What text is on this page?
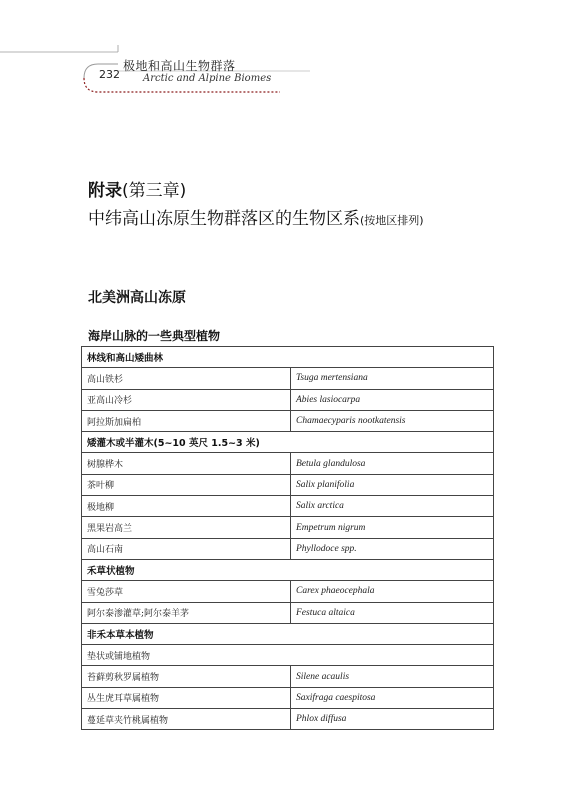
232
极地和高山生物群落
Arctic and Alpine Biomes
附录(第三章)
中纬高山冻原生物群落区的生物区系(按地区排列)
北美洲高山冻原
海岸山脉的一些典型植物
林线和高山矮曲林	
高山铁杉	Tsuga mertensiana
亚高山冷杉	Abies lasiocarpa
阿拉斯加扁柏	Chamaecyparis nootkatensis
矮灌木或半灌木(5~10 英尺 1.5~3 米)	
树腺桦木	Betula glandulosa
茶叶柳	Salix planifolia
极地柳	Salix arctica
黑果岩高兰	Empetrum nigrum
高山石南	Phyllodoce spp.
禾草状植物	
雪兔莎草	Carex phaeocephala
阿尔泰渗灌草;阿尔泰羊茅	Festuca altaica
非禾本草本植物	
垫状或铺地植物	
苔藓剪秋罗属植物	Silene acaulis
丛生虎耳草属植物	Saxifraga caespitosa
蔓延草夹竹桃属植物	Phlox diffusa
